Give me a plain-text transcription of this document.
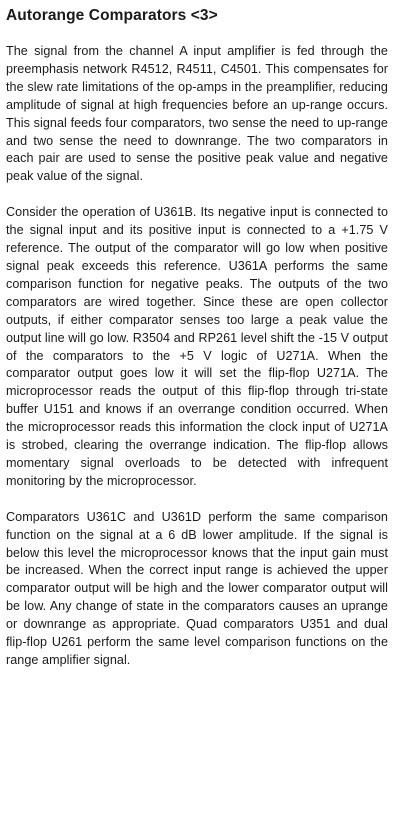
Autorange Comparators <3>

The signal from the channel A input amplifier is fed through the preemphasis network R4512, R4511, C4501. This compensates for the slew rate limitations of the op-amps in the preamplifier, reducing amplitude of signal at high frequencies before an up-range occurs. This signal feeds four comparators, two sense the need to up-range and two sense the need to downrange. The two comparators in each pair are used to sense the positive peak value and negative peak value of the signal.

Consider the operation of U361B. Its negative input is connected to the signal input and its positive input is connected to a +1.75 V reference. The output of the comparator will go low when positive signal peak exceeds this reference. U361A performs the same comparison function for negative peaks. The outputs of the two comparators are wired together. Since these are open collector outputs, if either comparator senses too large a peak value the output line will go low. R3504 and RP261 level shift the -15 V output of the comparators to the +5 V logic of U271A. When the comparator output goes low it will set the flip-flop U271A. The microprocessor reads the output of this flip-flop through tri-state buffer U151 and knows if an overrange condition occurred. When the microprocessor reads this information the clock input of U271A is strobed, clearing the overrange indication. The flip-flop allows momentary signal overloads to be detected with infrequent monitoring by the microprocessor.

Comparators U361C and U361D perform the same comparison function on the signal at a 6 dB lower amplitude. If the signal is below this level the microprocessor knows that the input gain must be increased. When the correct input range is achieved the upper comparator output will be high and the lower comparator output will be low. Any change of state in the comparators causes an uprange or downrange as appropriate. Quad comparators U351 and dual flip-flop U261 perform the same level comparison functions on the range amplifier signal.
